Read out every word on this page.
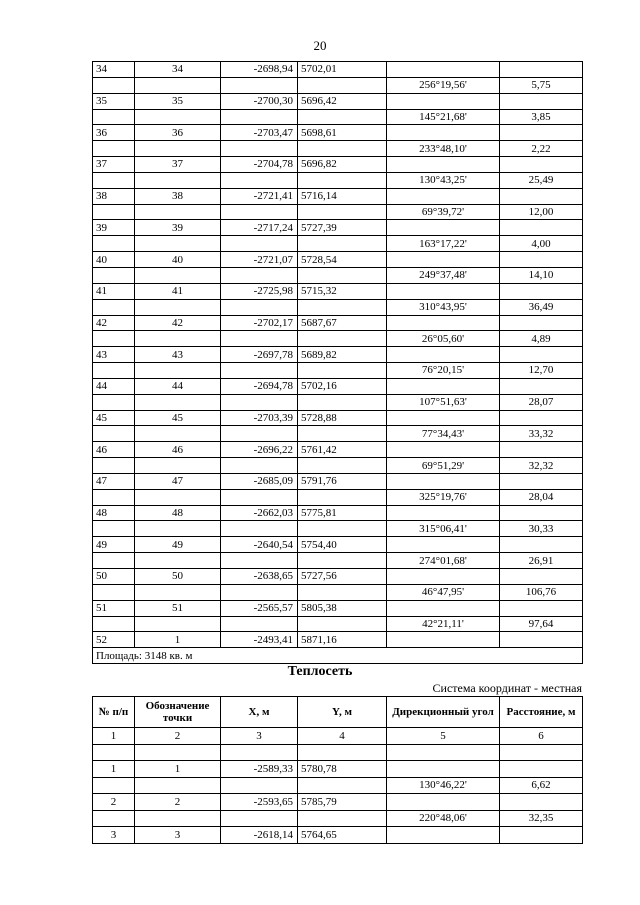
20
34	34	-2698,94	5702,01		
				256°19,56'	5,75
35	35	-2700,30	5696,42		
				145°21,68'	3,85
36	36	-2703,47	5698,61		
				233°48,10'	2,22
37	37	-2704,78	5696,82		
				130°43,25'	25,49
38	38	-2721,41	5716,14		
				69°39,72'	12,00
39	39	-2717,24	5727,39		
				163°17,22'	4,00
40	40	-2721,07	5728,54		
				249°37,48'	14,10
41	41	-2725,98	5715,32		
				310°43,95'	36,49
42	42	-2702,17	5687,67		
				26°05,60'	4,89
43	43	-2697,78	5689,82		
				76°20,15'	12,70
44	44	-2694,78	5702,16		
				107°51,63'	28,07
45	45	-2703,39	5728,88		
				77°34,43'	33,32
46	46	-2696,22	5761,42		
				69°51,29'	32,32
47	47	-2685,09	5791,76		
				325°19,76'	28,04
48	48	-2662,03	5775,81		
				315°06,41'	30,33
49	49	-2640,54	5754,40		
				274°01,68'	26,91
50	50	-2638,65	5727,56		
				46°47,95'	106,76
51	51	-2565,57	5805,38		
				42°21,11'	97,64
52	1	-2493,41	5871,16		
Площадь: 3148 кв. м					
Теплосеть
Система координат - местная
№ п/п	Обозначение точки	X, м	Y, м	Дирекционный угол	Расстояние, м
1	2	3	4	5	6

1	1	-2589,33	5780,78		
				130°46,22'	6,62
2	2	-2593,65	5785,79		
				220°48,06'	32,35
3	3	-2618,14	5764,65		
